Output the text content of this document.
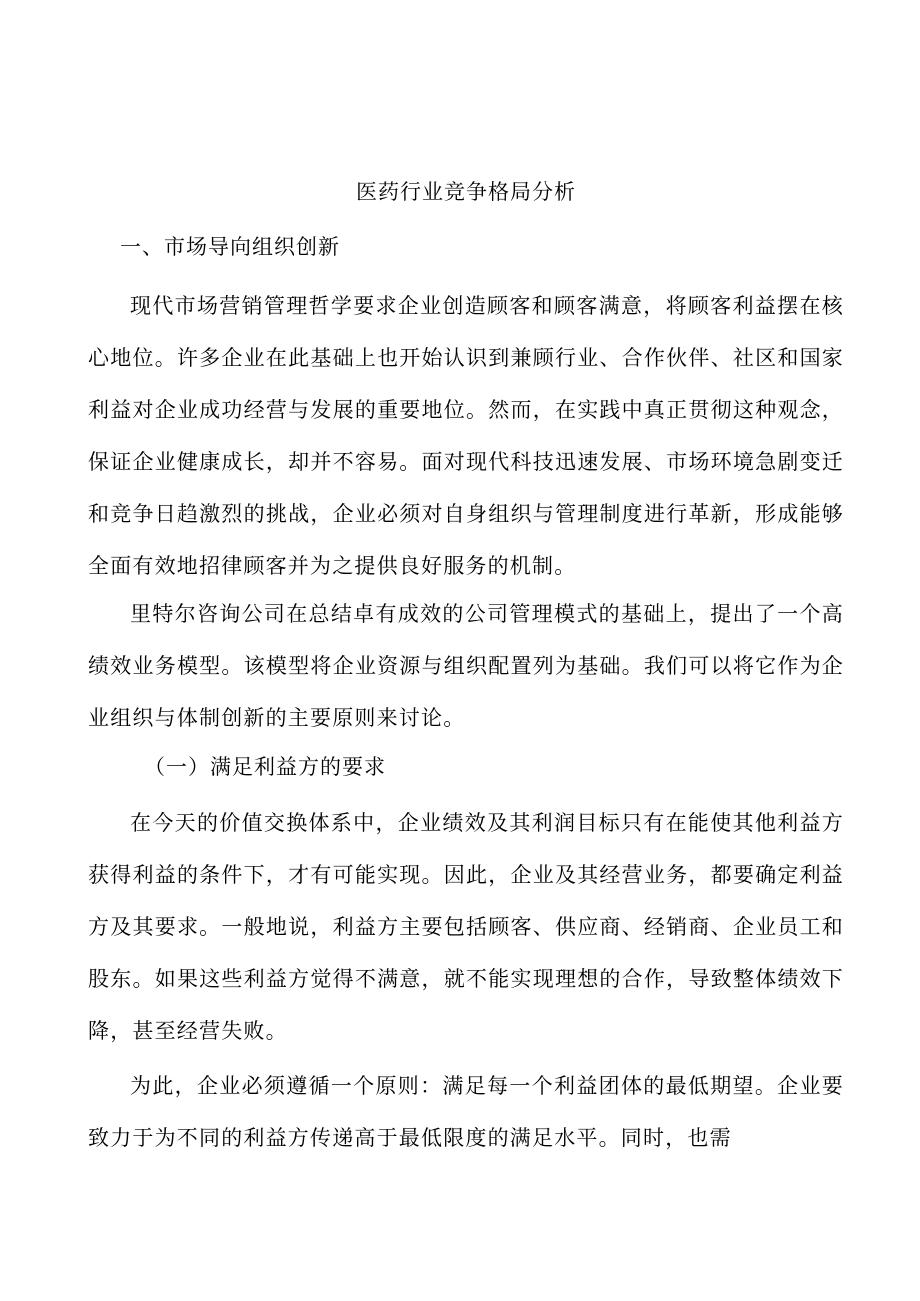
医药行业竞争格局分析
一、市场导向组织创新

现代市场营销管理哲学要求企业创造顾客和顾客满意，将顾客利益摆在核心地位。许多企业在此基础上也开始认识到兼顾行业、合作伙伴、社区和国家利益对企业成功经营与发展的重要地位。然而，在实践中真正贯彻这种观念，保证企业健康成长，却并不容易。面对现代科技迅速发展、市场环境急剧变迁和竞争日趋激烈的挑战，企业必须对自身组织与管理制度进行革新，形成能够全面有效地招律顾客并为之提供良好服务的机制。

里特尔咨询公司在总结卓有成效的公司管理模式的基础上，提出了一个高绩效业务模型。该模型将企业资源与组织配置列为基础。我们可以将它作为企业组织与体制创新的主要原则来讨论。

（一）满足利益方的要求

在今天的价值交换体系中，企业绩效及其利润目标只有在能使其他利益方获得利益的条件下，才有可能实现。因此，企业及其经营业务，都要确定利益方及其要求。一般地说，利益方主要包括顾客、供应商、经销商、企业员工和股东。如果这些利益方觉得不满意，就不能实现理想的合作，导致整体绩效下降，甚至经营失败。

为此，企业必须遵循一个原则：满足每一个利益团体的最低期望。企业要致力于为不同的利益方传递高于最低限度的满足水平。同时，也需
